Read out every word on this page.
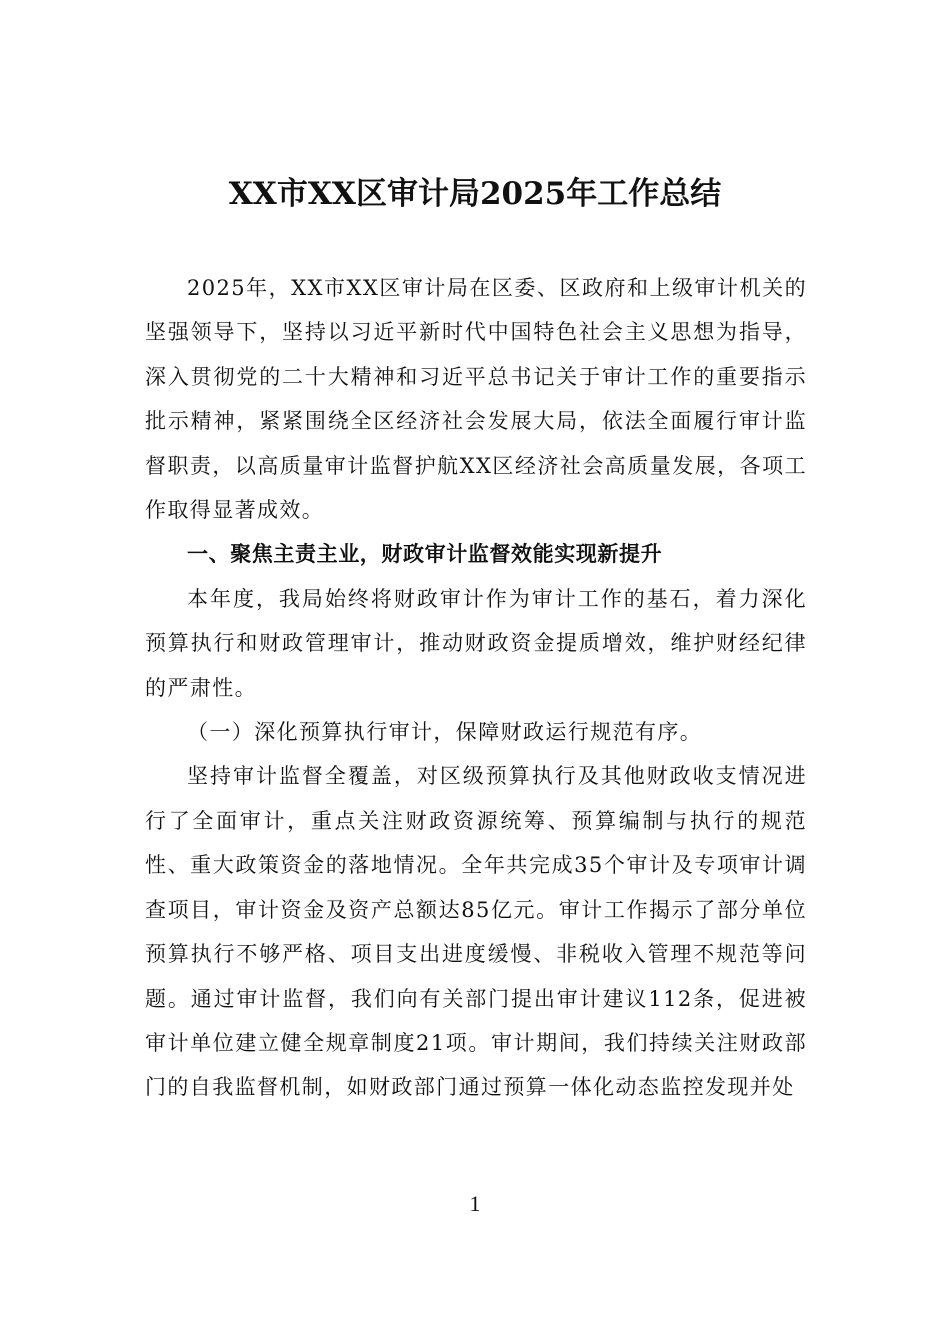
XX市XX区审计局2025年工作总结

2025年，XX市XX区审计局在区委、区政府和上级审计机关的坚强领导下，坚持以习近平新时代中国特色社会主义思想为指导，深入贯彻党的二十大精神和习近平总书记关于审计工作的重要指示批示精神，紧紧围绕全区经济社会发展大局，依法全面履行审计监督职责，以高质量审计监督护航XX区经济社会高质量发展，各项工作取得显著成效。

一、聚焦主责主业，财政审计监督效能实现新提升

本年度，我局始终将财政审计作为审计工作的基石，着力深化预算执行和财政管理审计，推动财政资金提质增效，维护财经纪律的严肃性。

（一）深化预算执行审计，保障财政运行规范有序。

坚持审计监督全覆盖，对区级预算执行及其他财政收支情况进行了全面审计，重点关注财政资源统筹、预算编制与执行的规范性、重大政策资金的落地情况。全年共完成35个审计及专项审计调查项目，审计资金及资产总额达85亿元。审计工作揭示了部分单位预算执行不够严格、项目支出进度缓慢、非税收入管理不规范等问题。通过审计监督，我们向有关部门提出审计建议112条，促进被审计单位建立健全规章制度21项。审计期间，我们持续关注财政部门的自我监督机制，如财政部门通过预算一体化动态监控发现并处

1
